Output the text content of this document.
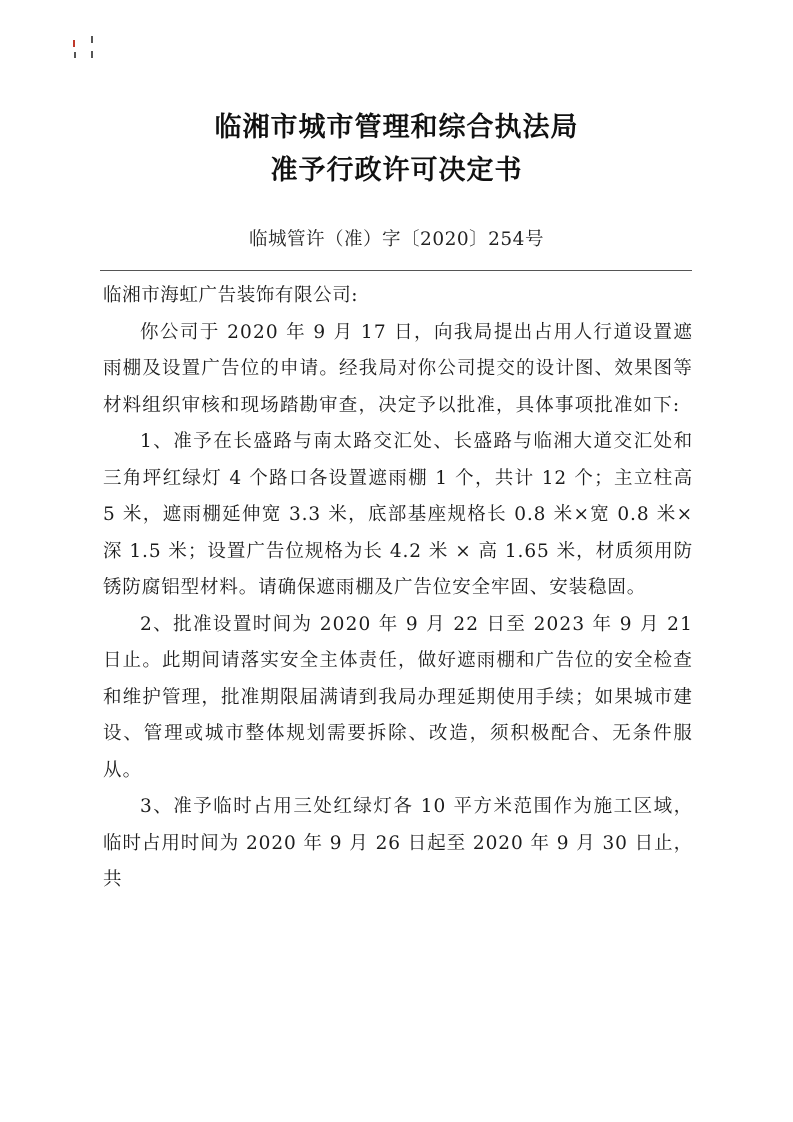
临湘市城市管理和综合执法局
准予行政许可决定书
临城管许（准）字〔2020〕254号

临湘市海虹广告装饰有限公司:

你公司于 2020 年 9 月 17 日，向我局提出占用人行道设置遮雨棚及设置广告位的申请。经我局对你公司提交的设计图、效果图等材料组织审核和现场踏勘审查，决定予以批准，具体事项批准如下:

1、准予在长盛路与南太路交汇处、长盛路与临湘大道交汇处和三角坪红绿灯 4 个路口各设置遮雨棚 1 个，共计 12 个；主立柱高 5 米，遮雨棚延伸宽 3.3 米，底部基座规格长 0.8 米×宽 0.8 米×深 1.5 米；设置广告位规格为长 4.2 米 × 高 1.65 米，材质须用防锈防腐铝型材料。请确保遮雨棚及广告位安全牢固、安装稳固。

2、批准设置时间为 2020 年 9 月 22 日至 2023 年 9 月 21 日止。此期间请落实安全主体责任，做好遮雨棚和广告位的安全检查和维护管理，批准期限届满请到我局办理延期使用手续；如果城市建设、管理或城市整体规划需要拆除、改造，须积极配合、无条件服从。

3、准予临时占用三处红绿灯各 10 平方米范围作为施工区域，临时占用时间为 2020 年 9 月 26 日起至 2020 年 9 月 30 日止，共
